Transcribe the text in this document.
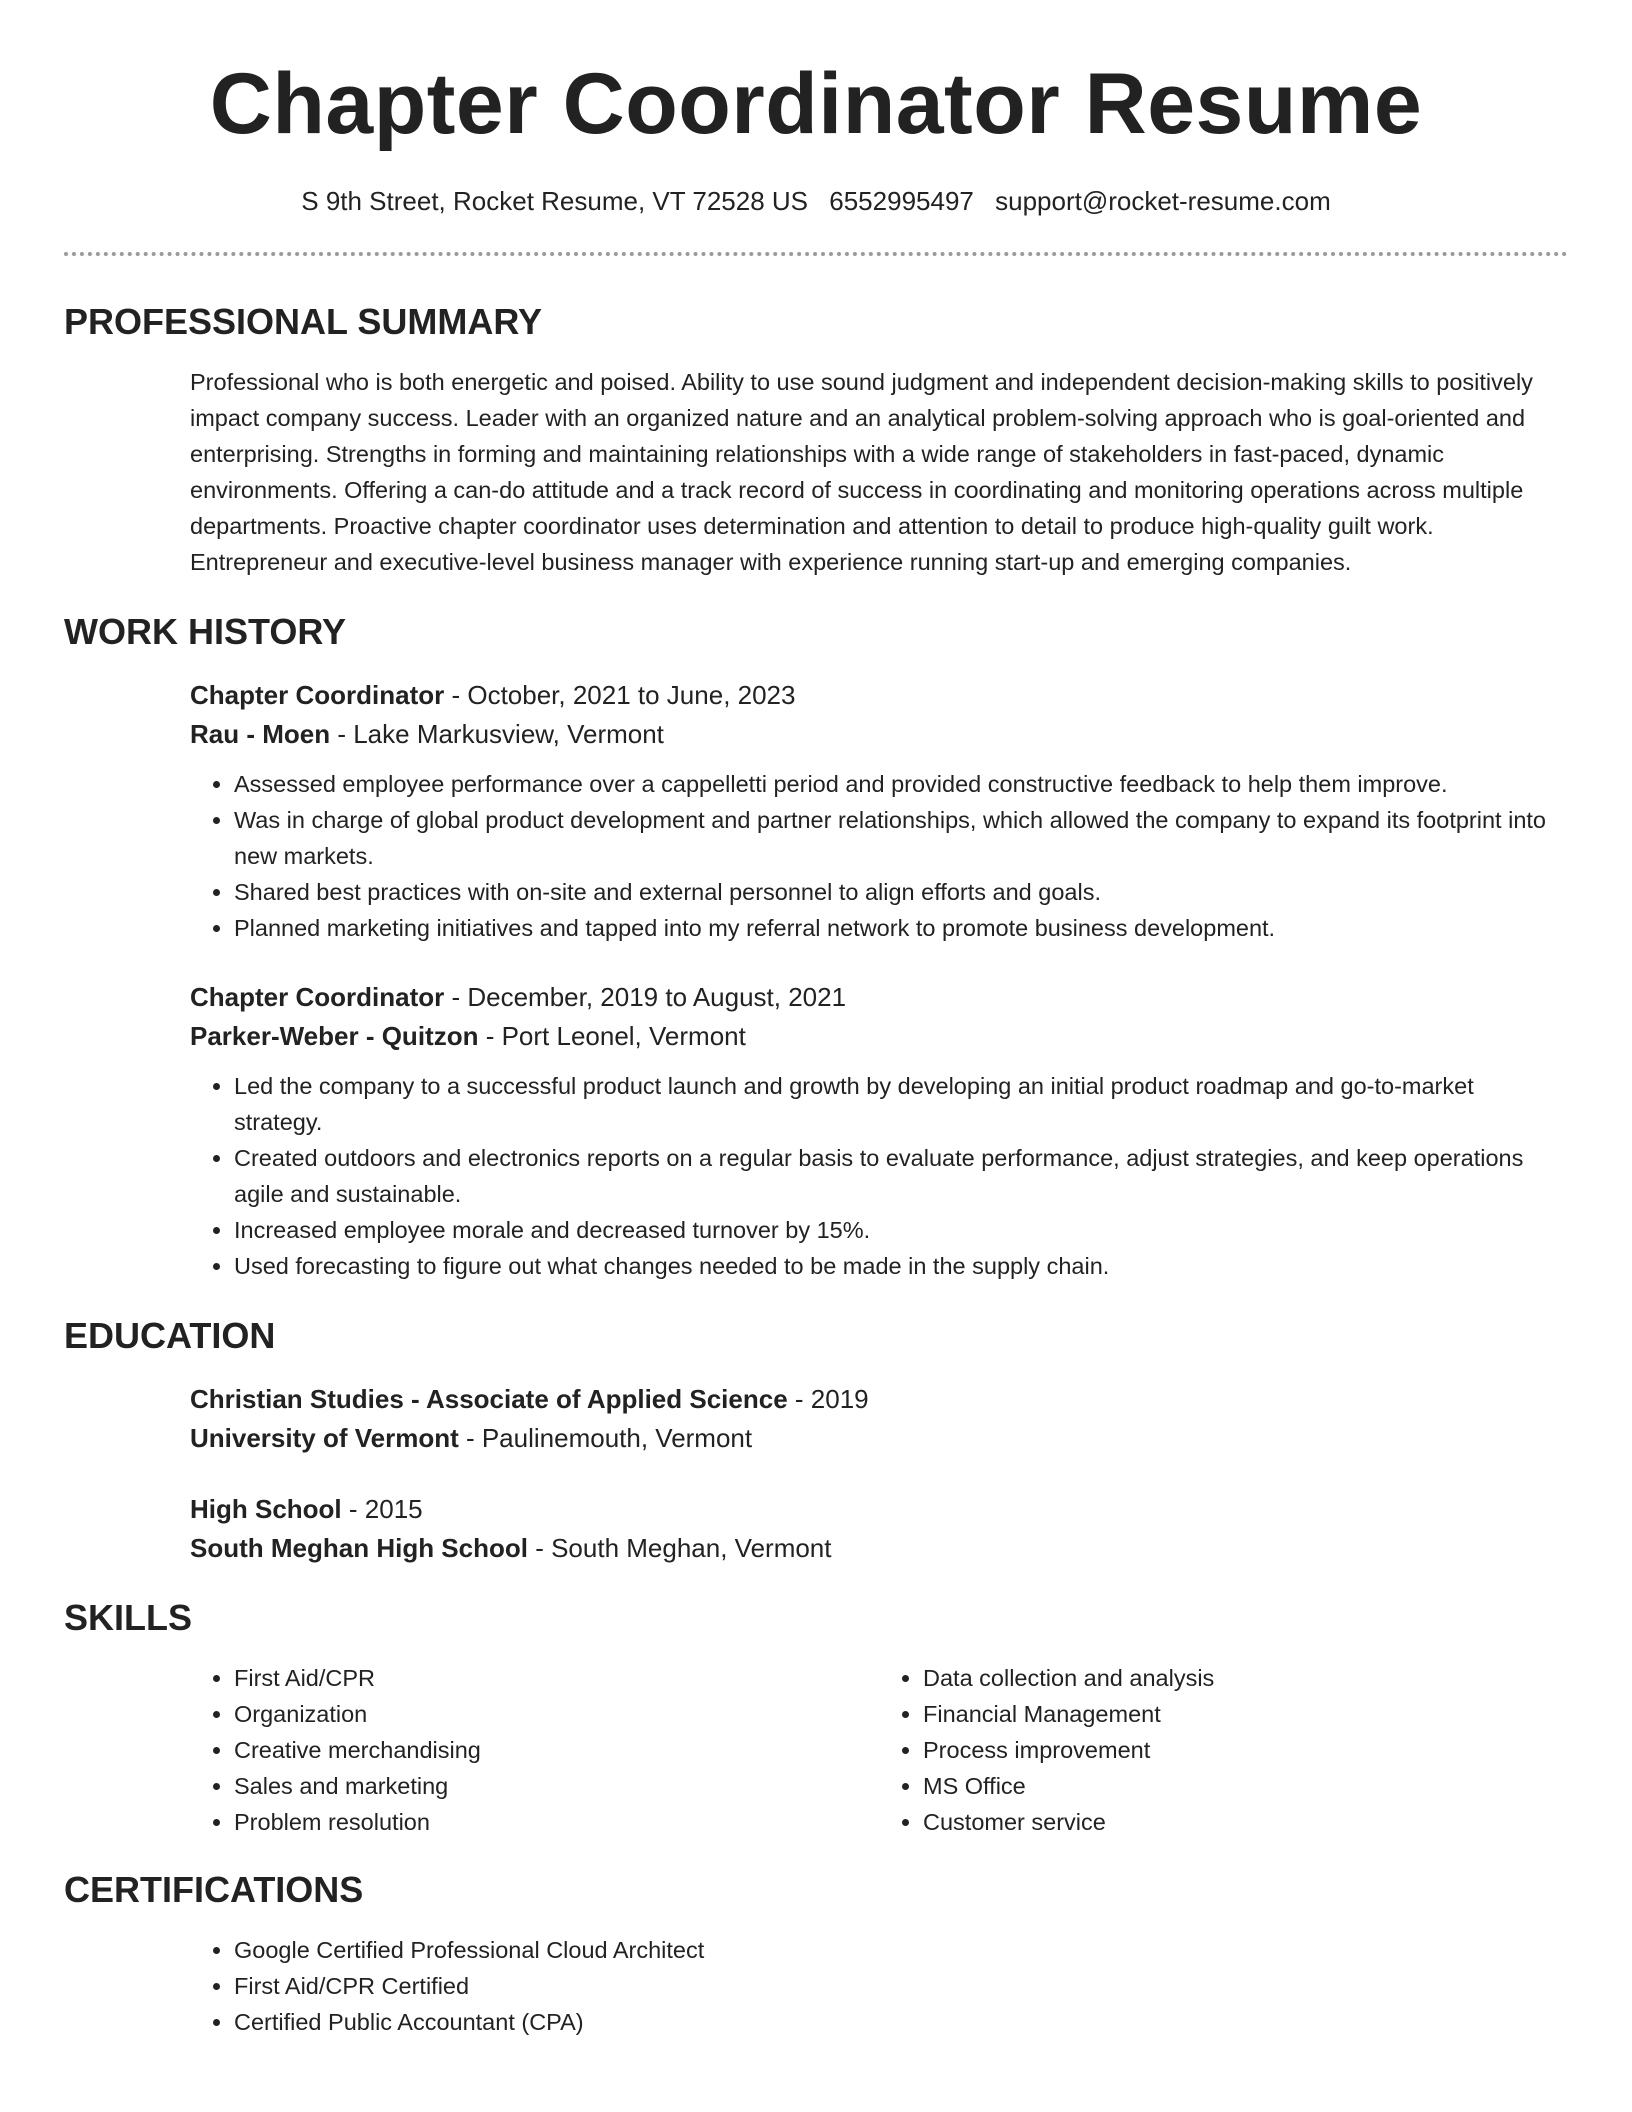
Chapter Coordinator Resume
S 9th Street, Rocket Resume, VT 72528 US 6552995497 support@rocket-resume.com
PROFESSIONAL SUMMARY

Professional who is both energetic and poised. Ability to use sound judgment and independent decision-making skills to positively impact company success. Leader with an organized nature and an analytical problem-solving approach who is goal-oriented and enterprising. Strengths in forming and maintaining relationships with a wide range of stakeholders in fast-paced, dynamic environments. Offering a can-do attitude and a track record of success in coordinating and monitoring operations across multiple departments. Proactive chapter coordinator uses determination and attention to detail to produce high-quality guilt work. Entrepreneur and executive-level business manager with experience running start-up and emerging companies.

WORK HISTORY
Chapter Coordinator - October, 2021 to June, 2023
Rau - Moen - Lake Markusview, Vermont
• Assessed employee performance over a cappelletti period and provided constructive feedback to help them improve.
• Was in charge of global product development and partner relationships, which allowed the company to expand its footprint into new markets.
• Shared best practices with on-site and external personnel to align efforts and goals.
• Planned marketing initiatives and tapped into my referral network to promote business development.
Chapter Coordinator - December, 2019 to August, 2021
Parker-Weber - Quitzon - Port Leonel, Vermont
• Led the company to a successful product launch and growth by developing an initial product roadmap and go-to-market strategy.
• Created outdoors and electronics reports on a regular basis to evaluate performance, adjust strategies, and keep operations agile and sustainable.
• Increased employee morale and decreased turnover by 15%.
• Used forecasting to figure out what changes needed to be made in the supply chain.
EDUCATION
Christian Studies - Associate of Applied Science - 2019
University of Vermont - Paulinemouth, Vermont
High School - 2015
South Meghan High School - South Meghan, Vermont
SKILLS
• First Aid/CPR
• Organization
• Creative merchandising
• Sales and marketing
• Problem resolution
• Data collection and analysis
• Financial Management
• Process improvement
• MS Office
• Customer service
CERTIFICATIONS
• Google Certified Professional Cloud Architect
• First Aid/CPR Certified
• Certified Public Accountant (CPA)
